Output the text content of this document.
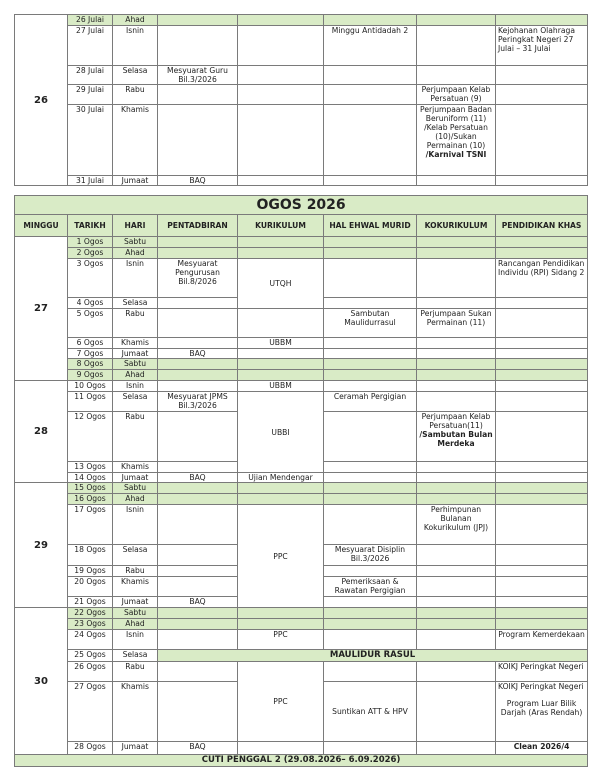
26	26 Julai	Ahad					
	27 Julai	Isnin			Minggu Antidadah 2		Kejohanan Olahraga Peringkat Negeri 27 Julai – 31 Julai
	28 Julai	Selasa	Mesyuarat Guru Bil.3/2026				
	29 Julai	Rabu				Perjumpaan Kelab Persatuan (9)	
	30 Julai	Khamis				Perjumpaan Badan Beruniform (11) /Kelab Persatuan (10)/Sukan Permainan (10) /Karnival TSNI	
	31 Julai	Jumaat	BAQ				
OGOS 2026							
MINGGU	TARIKH	HARI	PENTADBIRAN	KURIKULUM	HAL EHWAL MURID	KOKURIKULUM	PENDIDIKAN KHAS
27	1 Ogos	Sabtu					
	2 Ogos	Ahad					
	3 Ogos	Isnin	Mesyuarat Pengurusan Bil.8/2026	UTQH			Rancangan Pendidikan Individu (RPI) Sidang 2
	4 Ogos	Selasa					
	5 Ogos	Rabu			Sambutan Maulidurrasul	Perjumpaan Sukan Permainan (11)	
	6 Ogos	Khamis		UBBM			
	7 Ogos	Jumaat	BAQ				
	8 Ogos	Sabtu					
	9 Ogos	Ahad					
28	10 Ogos	Isnin		UBBM			
	11 Ogos	Selasa	Mesyuarat JPMS Bil.3/2026	UBBI	Ceramah Pergigian		
	12 Ogos	Rabu				Perjumpaan Kelab Persatuan(11) /Sambutan Bulan Merdeka	
	13 Ogos	Khamis					
	14 Ogos	Jumaat	BAQ	Ujian Mendengar			
29	15 Ogos	Sabtu					
	16 Ogos	Ahad					
	17 Ogos	Isnin		PPC		Perhimpunan Bulanan Kokurikulum (JPJ)	
	18 Ogos	Selasa			Mesyuarat Disiplin Bil.3/2026		
	19 Ogos	Rabu					
	20 Ogos	Khamis			Pemeriksaan & Rawatan Pergigian		
	21 Ogos	Jumaat	BAQ				
30	22 Ogos	Sabtu					
	23 Ogos	Ahad					
	24 Ogos	Isnin		PPC			Program Kemerdekaan
	25 Ogos	Selasa	MAULIDUR RASUL				
	26 Ogos	Rabu		PPC			KOIKJ Peringkat Negeri
	27 Ogos	Khamis			Suntikan ATT & HPV		KOIKJ Peringkat Negeri
Program Luar Bilik Darjah (Aras Rendah)

	28 Ogos	Jumaat	BAQ				Clean 2026/4
CUTI PENGGAL 2 (29.08.2026– 6.09.2026)							
